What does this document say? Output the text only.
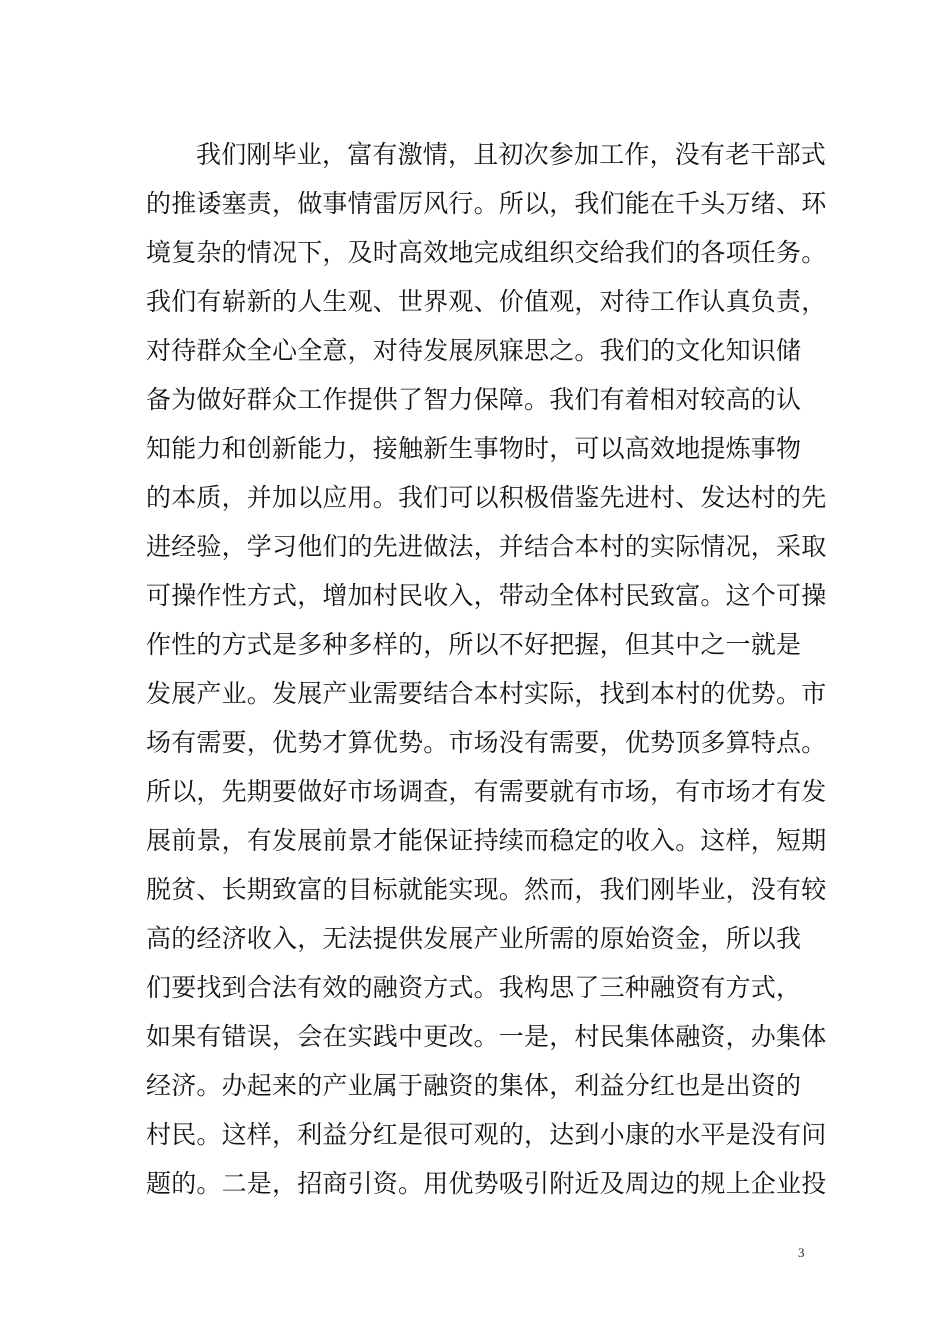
我们刚毕业，富有激情，且初次参加工作，没有老干部式
的推诿塞责，做事情雷厉风行。所以，我们能在千头万绪、环
境复杂的情况下，及时高效地完成组织交给我们的各项任务。
我们有崭新的人生观、世界观、价值观，对待工作认真负责，
对待群众全心全意，对待发展夙寐思之。我们的文化知识储
备为做好群众工作提供了智力保障。我们有着相对较高的认
知能力和创新能力，接触新生事物时，可以高效地提炼事物
的本质，并加以应用。我们可以积极借鉴先进村、发达村的先
进经验，学习他们的先进做法，并结合本村的实际情况，采取
可操作性方式，增加村民收入，带动全体村民致富。这个可操
作性的方式是多种多样的，所以不好把握，但其中之一就是
发展产业。发展产业需要结合本村实际，找到本村的优势。市
场有需要，优势才算优势。市场没有需要，优势顶多算特点。
所以，先期要做好市场调查，有需要就有市场，有市场才有发
展前景，有发展前景才能保证持续而稳定的收入。这样，短期
脱贫、长期致富的目标就能实现。然而，我们刚毕业，没有较
高的经济收入，无法提供发展产业所需的原始资金，所以我
们要找到合法有效的融资方式。我构思了三种融资有方式，
如果有错误，会在实践中更改。一是，村民集体融资，办集体
经济。办起来的产业属于融资的集体，利益分红也是出资的
村民。这样，利益分红是很可观的，达到小康的水平是没有问
题的。二是，招商引资。用优势吸引附近及周边的规上企业投
3
